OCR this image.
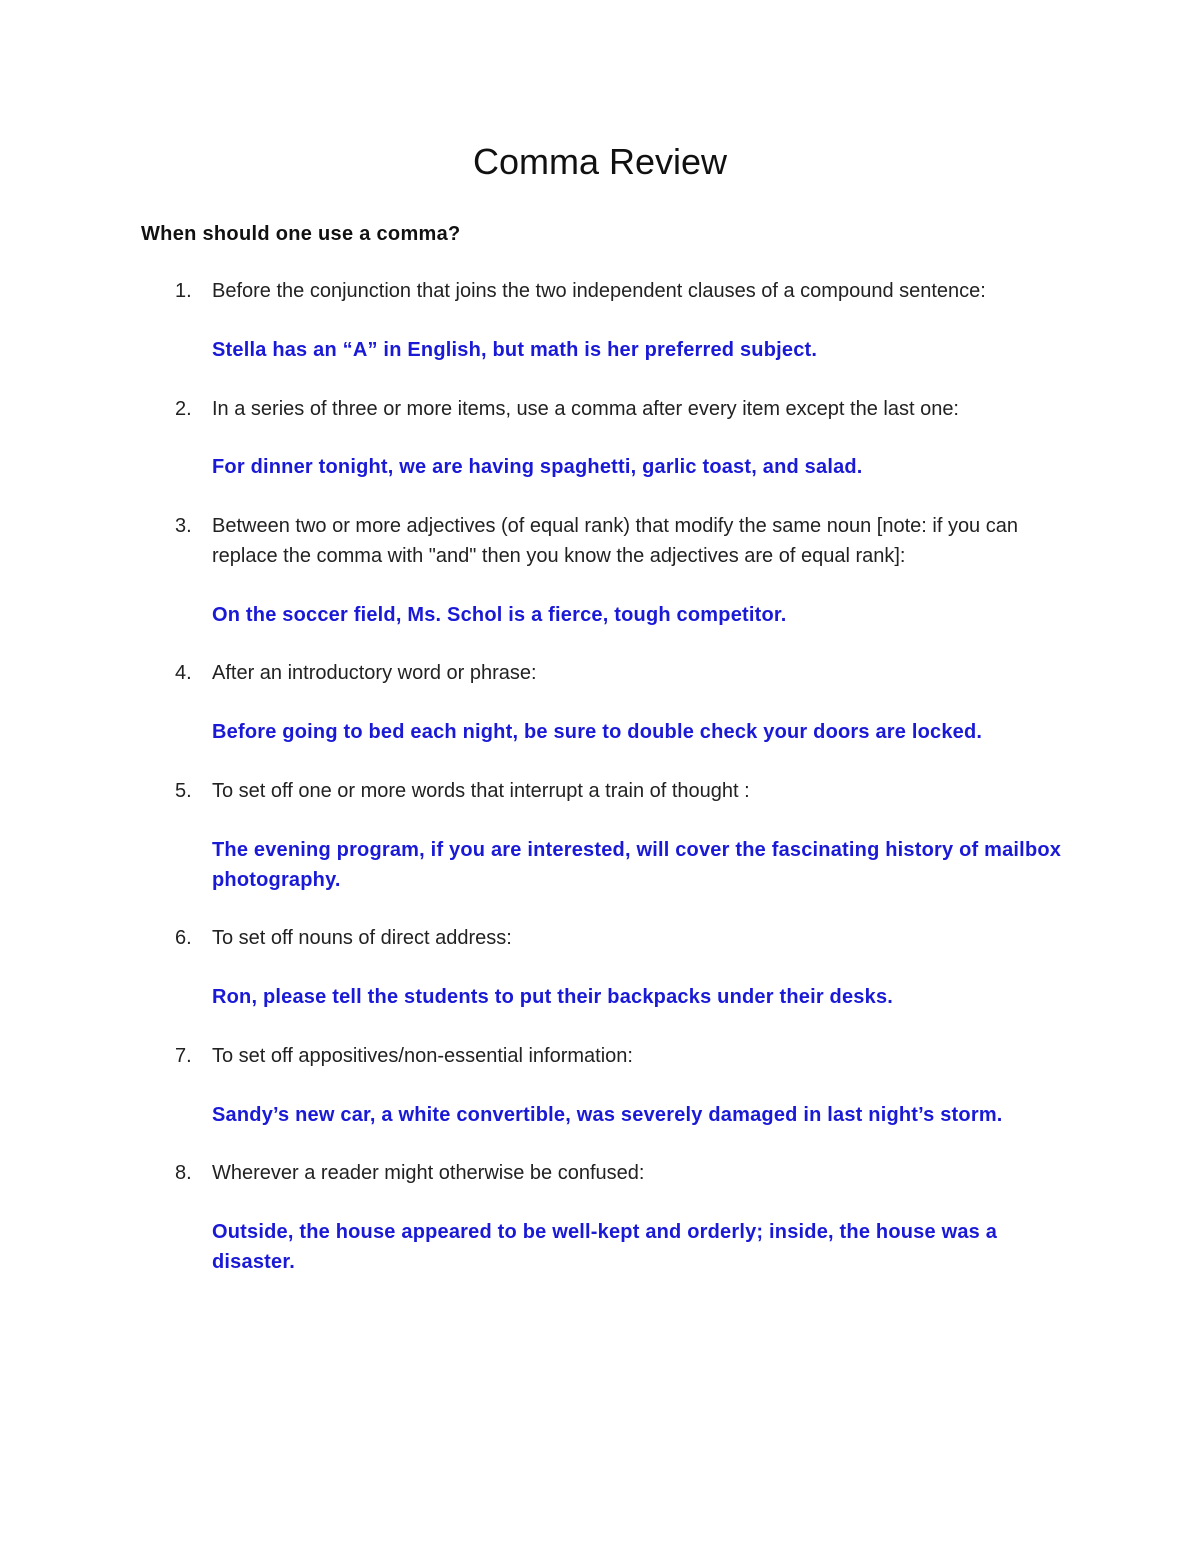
Comma Review
When should one use a comma?
1. Before the conjunction that joins the two independent clauses of a compound sentence:
Stella has an “A” in English, but math is her preferred subject.
2. In a series of three or more items, use a comma after every item except the last one:
For dinner tonight, we are having spaghetti, garlic toast, and salad.
3. Between two or more adjectives (of equal rank) that modify the same noun [note: if you can replace the comma with "and" then you know the adjectives are of equal rank]:
On the soccer field, Ms. Schol is a fierce, tough competitor.
4. After an introductory word or phrase:
Before going to bed each night, be sure to double check your doors are locked.
5. To set off one or more words that interrupt a train of thought :
The evening program, if you are interested, will cover the fascinating history of mailbox photography.
6. To set off nouns of direct address:
Ron, please tell the students to put their backpacks under their desks.
7. To set off appositives/non-essential information:
Sandy’s new car, a white convertible, was severely damaged in last night’s storm.
8. Wherever a reader might otherwise be confused:
Outside, the house appeared to be well-kept and orderly; inside, the house was a disaster.
